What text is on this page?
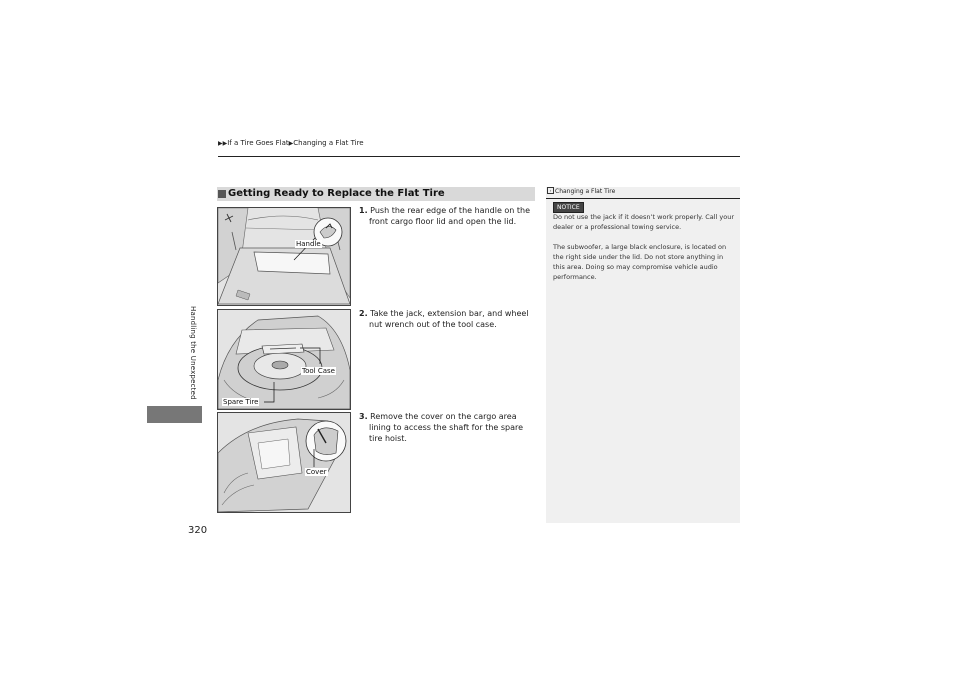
▶▶If a Tire Goes Flat▶Changing a Flat Tire
Handling the Unexpected
320
Getting Ready to Replace the Flat Tire
Handle
Tool Case
Spare Tire
Cover
1. Push the rear edge of the handle on the front cargo floor lid and open the lid.
2. Take the jack, extension bar, and wheel nut wrench out of the tool case.
3. Remove the cover on the cargo area lining to access the shaft for the spare tire hoist.
› Changing a Flat Tire
NOTICE
Do not use the jack if it doesn’t work properly. Call your dealer or a professional towing service.
The subwoofer, a large black enclosure, is located on the right side under the lid. Do not store anything in this area. Doing so may compromise vehicle audio performance.
